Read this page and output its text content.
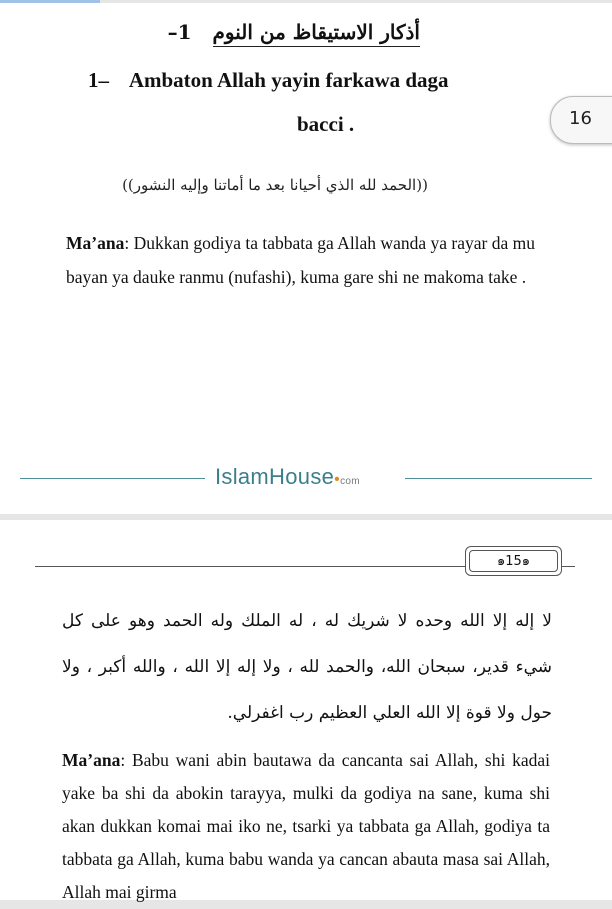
أذكار الاستيقاظ من النوم 1–
1–    Ambaton Allah yayin farkawa daga
bacci .	16
((الحمد لله الذي أحيانا بعد ما أماتنا وإليه النشور))
Ma’ana: Dukkan godiya ta tabbata ga Allah wanda ya rayar da mu bayan ya dauke ranmu (nufashi), kuma gare shi ne makoma take .
IslamHouse•com
๑15๑
لا إله إلا الله وحده لا شريك له ، له الملك وله الحمد وهو على كل شيء قدير، سبحان الله، والحمد لله ، ولا إله إلا الله ، والله أكبر ، ولا حول ولا قوة إلا الله العلي العظيم رب اغفرلي.
Ma’ana: Babu wani abin bautawa da cancanta sai Allah, shi kadai yake ba shi da abokin tarayya, mulki da godiya na sane, kuma shi akan dukkan komai mai iko ne, tsarki ya tabbata ga Allah, godiya ta tabbata ga Allah, kuma babu wanda ya cancan abauta masa sai Allah, Allah mai girma
